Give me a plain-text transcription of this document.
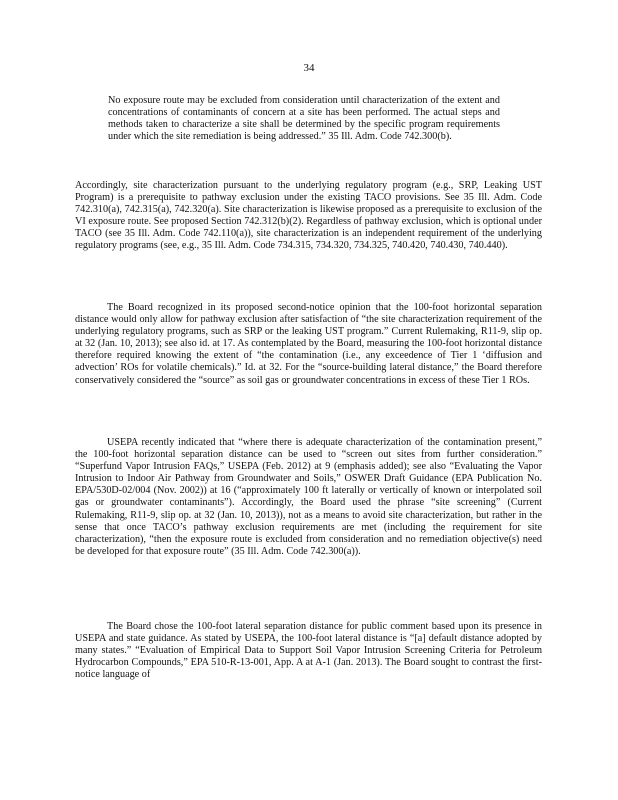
34

No exposure route may be excluded from consideration until characterization of the extent and concentrations of contaminants of concern at a site has been performed. The actual steps and methods taken to characterize a site shall be determined by the specific program requirements under which the site remediation is being addressed.” 35 Ill. Adm. Code 742.300(b).

Accordingly, site characterization pursuant to the underlying regulatory program (e.g., SRP, Leaking UST Program) is a prerequisite to pathway exclusion under the existing TACO provisions. See 35 Ill. Adm. Code 742.310(a), 742.315(a), 742.320(a). Site characterization is likewise proposed as a prerequisite to exclusion of the VI exposure route. See proposed Section 742.312(b)(2). Regardless of pathway exclusion, which is optional under TACO (see 35 Ill. Adm. Code 742.110(a)), site characterization is an independent requirement of the underlying regulatory programs (see, e.g., 35 Ill. Adm. Code 734.315, 734.320, 734.325, 740.420, 740.430, 740.440).

The Board recognized in its proposed second-notice opinion that the 100-foot horizontal separation distance would only allow for pathway exclusion after satisfaction of “the site characterization requirement of the underlying regulatory programs, such as SRP or the leaking UST program.” Current Rulemaking, R11-9, slip op. at 32 (Jan. 10, 2013); see also id. at 17. As contemplated by the Board, measuring the 100-foot horizontal distance therefore required knowing the extent of “the contamination (i.e., any exceedence of Tier 1 ‘diffusion and advection’ ROs for volatile chemicals).” Id. at 32. For the “source-building lateral distance,” the Board therefore conservatively considered the “source” as soil gas or groundwater concentrations in excess of these Tier 1 ROs.

USEPA recently indicated that “where there is adequate characterization of the contamination present,” the 100-foot horizontal separation distance can be used to “screen out sites from further consideration.” “Superfund Vapor Intrusion FAQs,” USEPA (Feb. 2012) at 9 (emphasis added); see also “Evaluating the Vapor Intrusion to Indoor Air Pathway from Groundwater and Soils,” OSWER Draft Guidance (EPA Publication No. EPA/530D-02/004 (Nov. 2002)) at 16 (“approximately 100 ft laterally or vertically of known or interpolated soil gas or groundwater contaminants”). Accordingly, the Board used the phrase “site screening” (Current Rulemaking, R11-9, slip op. at 32 (Jan. 10, 2013)), not as a means to avoid site characterization, but rather in the sense that once TACO’s pathway exclusion requirements are met (including the requirement for site characterization), “then the exposure route is excluded from consideration and no remediation objective(s) need be developed for that exposure route” (35 Ill. Adm. Code 742.300(a)).

The Board chose the 100-foot lateral separation distance for public comment based upon its presence in USEPA and state guidance. As stated by USEPA, the 100-foot lateral distance is “[a] default distance adopted by many states.” “Evaluation of Empirical Data to Support Soil Vapor Intrusion Screening Criteria for Petroleum Hydrocarbon Compounds,” EPA 510-R-13-001, App. A at A-1 (Jan. 2013). The Board sought to contrast the first-notice language of
